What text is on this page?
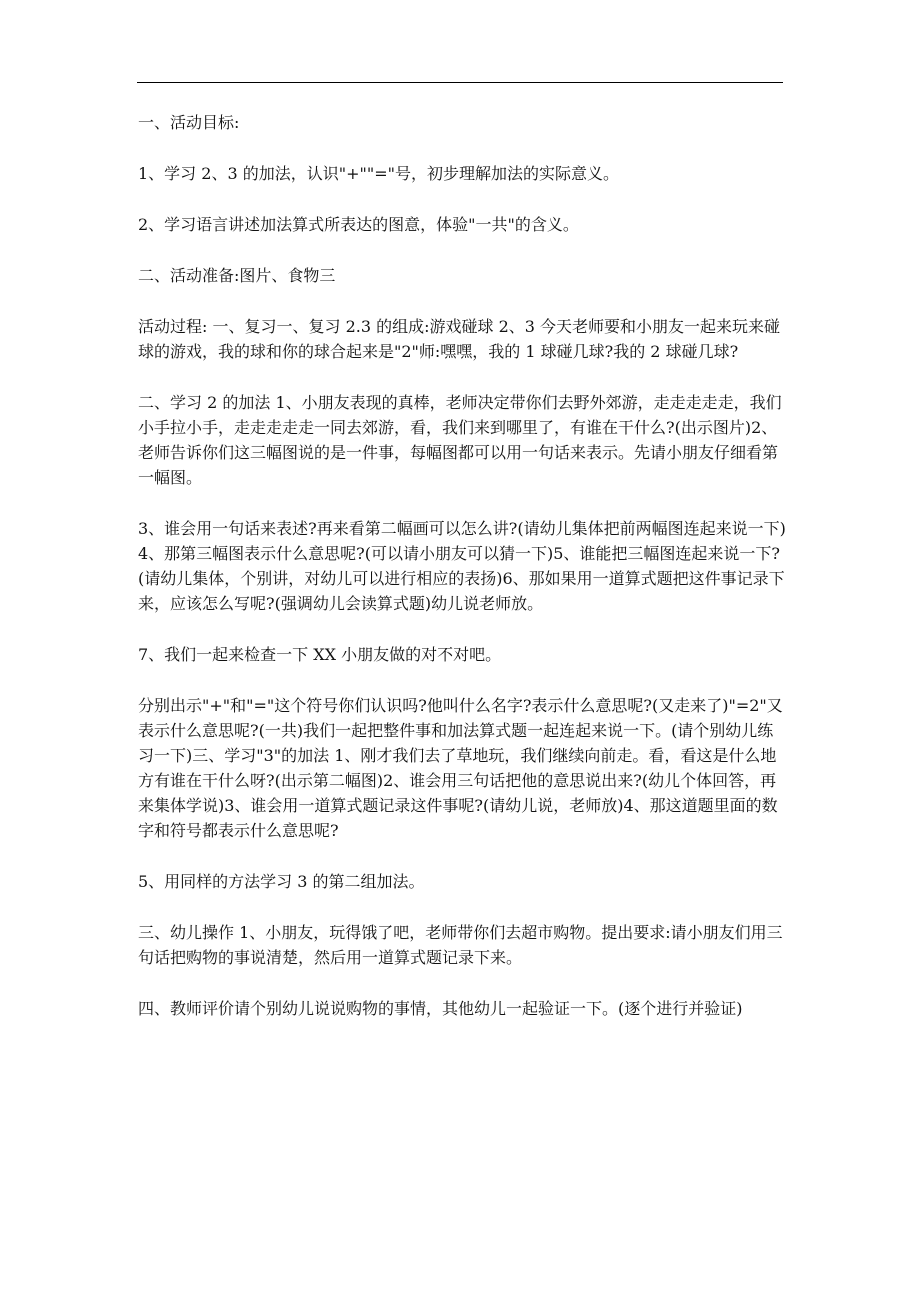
一、活动目标:

1、学习 2、3 的加法，认识"+""="号，初步理解加法的实际意义。

2、学习语言讲述加法算式所表达的图意，体验"一共"的含义。

二、活动准备:图片、食物三

活动过程: 一、复习一、复习 2.3 的组成:游戏碰球 2、3 今天老师要和小朋友一起来玩来碰球的游戏，我的球和你的球合起来是"2"师:嘿嘿，我的 1 球碰几球?我的 2 球碰几球?

二、学习 2 的加法 1、小朋友表现的真棒，老师决定带你们去野外郊游，走走走走走，我们小手拉小手，走走走走走一同去郊游，看，我们来到哪里了，有谁在干什么?(出示图片)2、老师告诉你们这三幅图说的是一件事，每幅图都可以用一句话来表示。先请小朋友仔细看第一幅图。

3、谁会用一句话来表述?再来看第二幅画可以怎么讲?(请幼儿集体把前两幅图连起来说一下)4、那第三幅图表示什么意思呢?(可以请小朋友可以猜一下)5、谁能把三幅图连起来说一下?(请幼儿集体，个别讲，对幼儿可以进行相应的表扬)6、那如果用一道算式题把这件事记录下来，应该怎么写呢?(强调幼儿会读算式题)幼儿说老师放。

7、我们一起来检查一下 XX 小朋友做的对不对吧。

分别出示"+"和"="这个符号你们认识吗?他叫什么名字?表示什么意思呢?(又走来了)"=2"又表示什么意思呢?(一共)我们一起把整件事和加法算式题一起连起来说一下。(请个别幼儿练习一下)三、学习"3"的加法 1、刚才我们去了草地玩，我们继续向前走。看，看这是什么地方有谁在干什么呀?(出示第二幅图)2、谁会用三句话把他的意思说出来?(幼儿个体回答，再来集体学说)3、谁会用一道算式题记录这件事呢?(请幼儿说，老师放)4、那这道题里面的数字和符号都表示什么意思呢?

5、用同样的方法学习 3 的第二组加法。

三、幼儿操作 1、小朋友，玩得饿了吧，老师带你们去超市购物。提出要求:请小朋友们用三句话把购物的事说清楚，然后用一道算式题记录下来。

四、教师评价请个别幼儿说说购物的事情，其他幼儿一起验证一下。(逐个进行并验证)
